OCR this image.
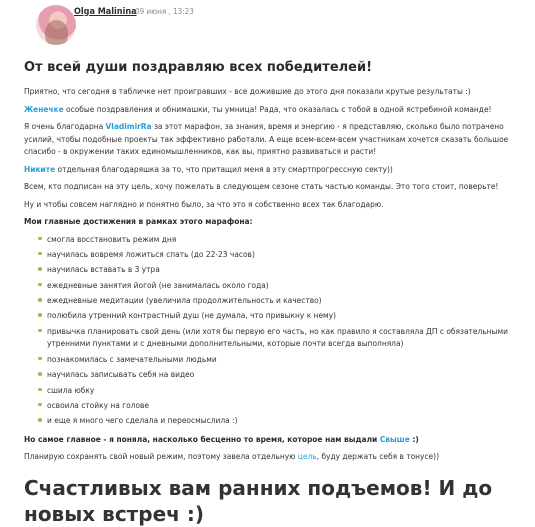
Olga Malinina
09 июня , 13:23
От всей души поздравляю всех победителей!

Приятно, что сегодня в табличке нет проигравших - все дожившие до этого дня показали крутые результаты :)

Женечке особые поздравления и обнимашки, ты умница! Рада, что оказалась с тобой в одной ястребиной команде!

Я очень благодарна VladimirRa за этот марафон, за знания, время и энергию - я представляю, сколько было потрачено усилий, чтобы подобные проекты так эффективно работали. А еще всем-всем-всем участникам хочется сказать большое спасибо - в окружении таких единомышленников, как вы, приятно развиваться и расти!

Никите отдельная благодаряшка за то, что притащил меня в эту смартпрогрессную секту))

Всем, кто подписан на эту цель, хочу пожелать в следующем сезоне стать частью команды. Это того стоит, поверьте!

Ну и чтобы совсем наглядно и понятно было, за что это я собственно всех так благодарю.

Мои главные достижения в рамках этого марафона:

смогла восстановить режим дня
научилась вовремя ложиться спать (до 22-23 часов)
научилась вставать в 3 утра
ежедневные занятия йогой (не занималась около года)
ежедневные медитации (увеличила продолжительность и качество)
полюбила утренний контрастный душ (не думала, что привыкну к нему)
привычка планировать свой день (или хотя бы первую его часть, но как правило я составляла ДП с обязательными утренними пунктами и с дневными дополнительными, которые почти всегда выполняла)
познакомилась с замечательными людьми
научилась записывать себя на видео
сшила юбку
освоила стойку на голове
и еще я много чего сделала и переосмыслила :)

Но самое главное - я поняла, насколько бесценно то время, которое нам выдали Свыше :)

Планирую сохранять свой новый режим, поэтому завела отдельную цель, буду держать себя в тонусе))

Счастливых вам ранних подъемов! И до новых встреч :)
